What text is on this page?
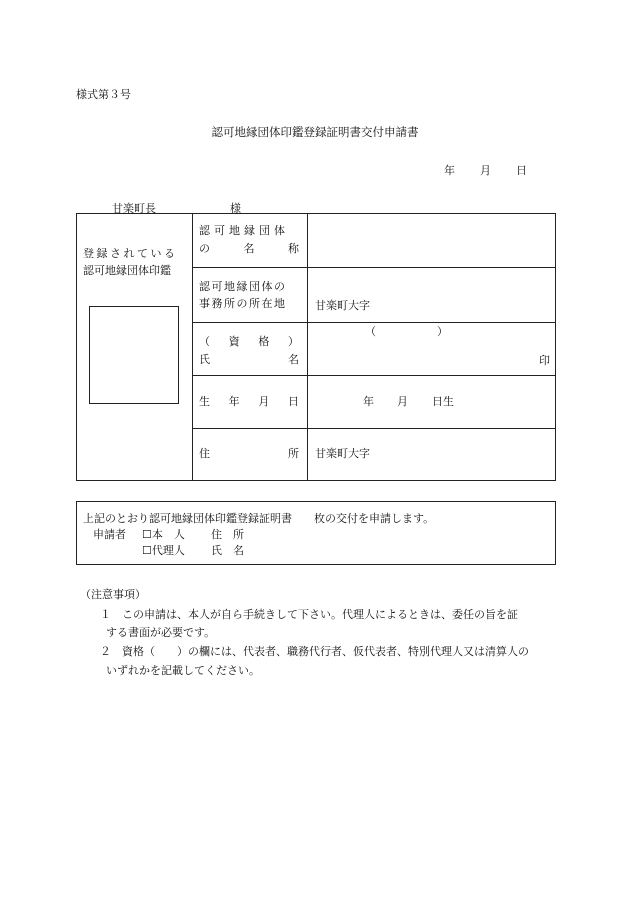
様式第３号
認可地縁団体印鑑登録証明書交付申請書
年 月 日
甘楽町長	様
登録されている
認可地縁団体印鑑
認可地縁団体
の	名	称
認可地縁団体の
事務所の所在地	甘楽町大字
（ 資 格 ）
氏	名
（	）
印
生 年 月 日	年 月 日生
住	所 甘楽町大字
上記のとおり認可地縁団体印鑑登録証明書　　枚の交付を申請します。
申請者 ☐本　人 住　所
☐代理人 氏　名
（注意事項）
１　この申請は、本人が自ら手続きして下さい。代理人によるときは、委任の旨を証
する書面が必要です。
２　資格（　　）の欄には、代表者、職務代行者、仮代表者、特別代理人又は清算人の
いずれかを記載してください。
